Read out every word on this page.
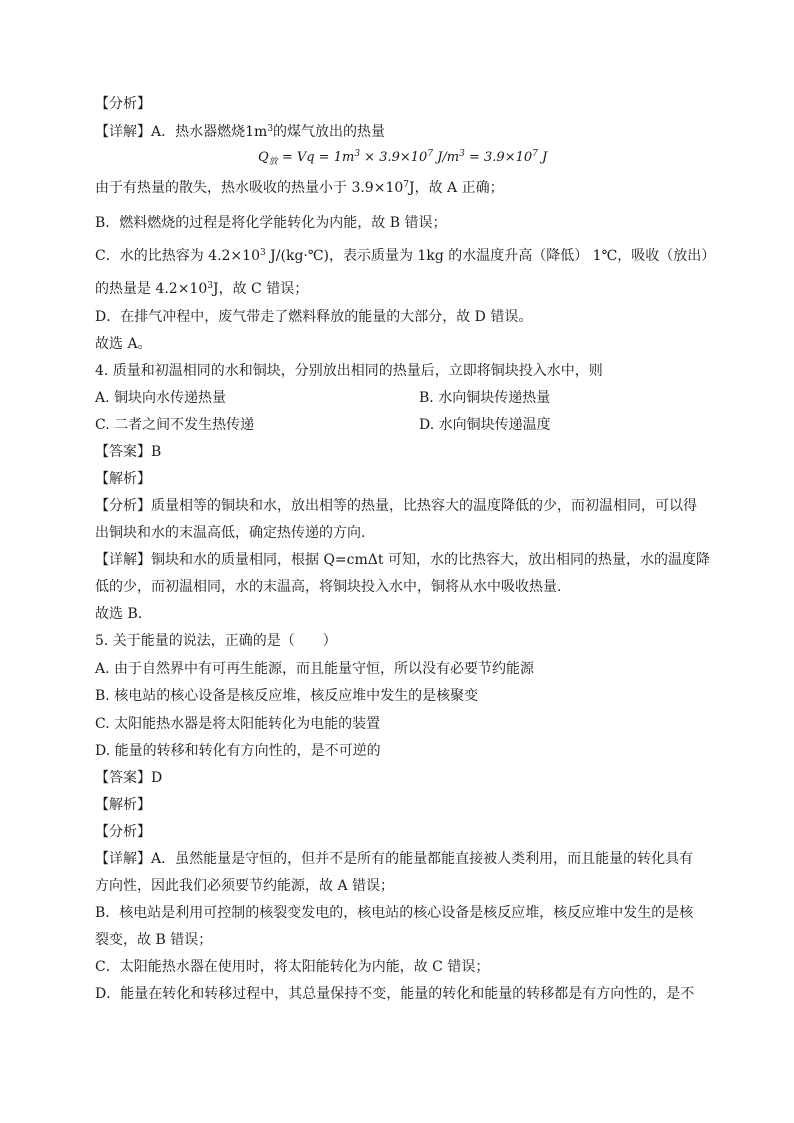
【分析】
【详解】A．热水器燃烧$1m^3$的煤气放出的热量
$Q_放 = Vq = 1m^3 \times 3.9\times 10^7$ $J/m^3 = 3.9\times 10^7$ J
由于有热量的散失，热水吸收的热量小于 $3.9\times 10^7J$，故 A 正确；
B．燃料燃烧的过程是将化学能转化为内能，故 B 错误；
C．水的比热容为 $4.2\times 10^3$ J/(kg·℃)，表示质量为 1kg 的水温度升高（降低） 1℃，吸收（放出）
的热量是 $4.2\times 10^3J$，故 C 错误；
D．在排气冲程中，废气带走了燃料释放的能量的大部分，故 D 错误。
故选 A。
4. 质量和初温相同的水和铜块，分别放出相同的热量后，立即将铜块投入水中，则
A. 铜块向水传递热量	B. 水向铜块传递热量
C. 二者之间不发生热传递	D. 水向铜块传递温度
【答案】B
【解析】
【分析】质量相等的铜块和水，放出相等的热量，比热容大的温度降低的少，而初温相同，可以得
出铜块和水的末温高低，确定热传递的方向.
【详解】铜块和水的质量相同，根据 Q=cmΔt 可知，水的比热容大，放出相同的热量，水的温度降
低的少，而初温相同，水的末温高，将铜块投入水中，铜将从水中吸收热量.
故选 B.
5. 关于能量的说法，正确的是（　　）
A. 由于自然界中有可再生能源，而且能量守恒，所以没有必要节约能源
B. 核电站的核心设备是核反应堆，核反应堆中发生的是核聚变
C. 太阳能热水器是将太阳能转化为电能的装置
D. 能量的转移和转化有方向性的，是不可逆的
【答案】D
【解析】
【分析】
【详解】A．虽然能量是守恒的，但并不是所有的能量都能直接被人类利用，而且能量的转化具有
方向性，因此我们必须要节约能源，故 A 错误；
B．核电站是利用可控制的核裂变发电的，核电站的核心设备是核反应堆，核反应堆中发生的是核
裂变，故 B 错误；
C．太阳能热水器在使用时，将太阳能转化为内能，故 C 错误；
D．能量在转化和转移过程中，其总量保持不变，能量的转化和能量的转移都是有方向性的，是不
